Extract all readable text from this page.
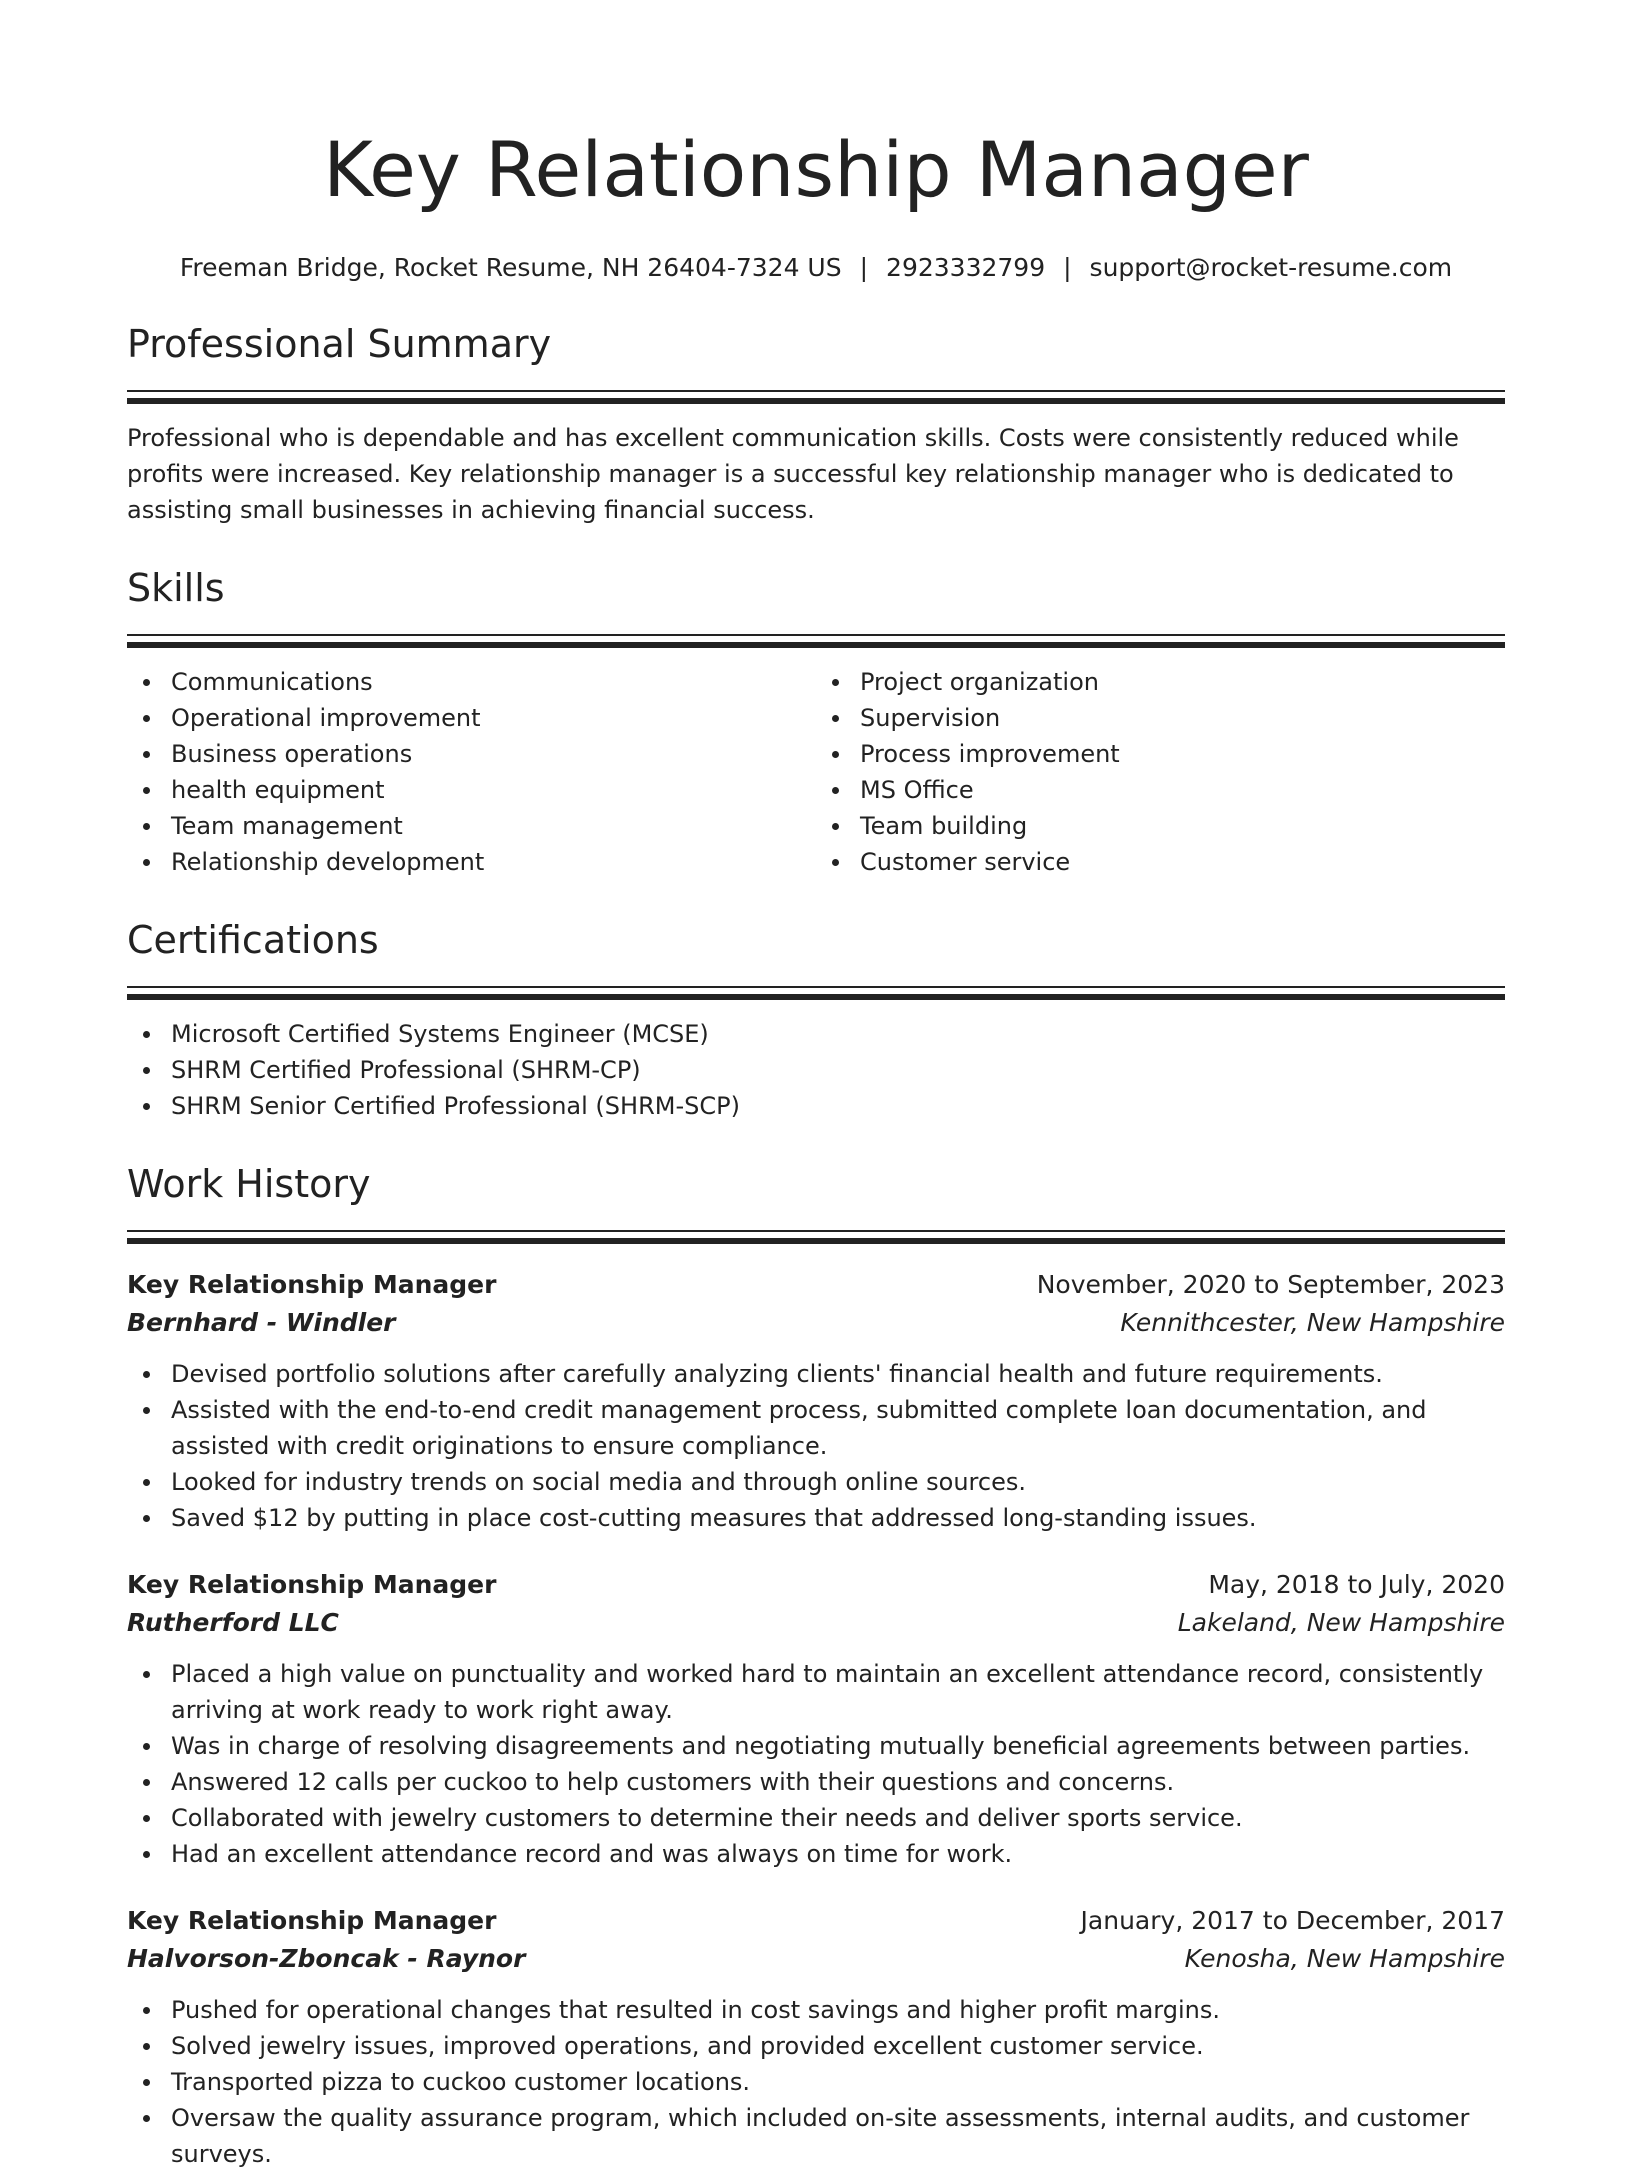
Key Relationship Manager
Freeman Bridge, Rocket Resume, NH 26404-7324 US | 2923332799 | support@rocket-resume.com
Professional Summary
Professional who is dependable and has excellent communication skills. Costs were consistently reduced while profits were increased. Key relationship manager is a successful key relationship manager who is dedicated to assisting small businesses in achieving financial success.
Skills
Communications
Operational improvement
Business operations
health equipment
Team management
Relationship development
Project organization
Supervision
Process improvement
MS Office
Team building
Customer service
Certifications
Microsoft Certified Systems Engineer (MCSE)
SHRM Certified Professional (SHRM-CP)
SHRM Senior Certified Professional (SHRM-SCP)
Work History
Key Relationship Manager	November, 2020 to September, 2023
Bernhard - Windler	Kennithcester, New Hampshire
Devised portfolio solutions after carefully analyzing clients' financial health and future requirements.
Assisted with the end-to-end credit management process, submitted complete loan documentation, and assisted with credit originations to ensure compliance.
Looked for industry trends on social media and through online sources.
Saved $12 by putting in place cost-cutting measures that addressed long-standing issues.
Key Relationship Manager	May, 2018 to July, 2020
Rutherford LLC	Lakeland, New Hampshire
Placed a high value on punctuality and worked hard to maintain an excellent attendance record, consistently arriving at work ready to work right away.
Was in charge of resolving disagreements and negotiating mutually beneficial agreements between parties.
Answered 12 calls per cuckoo to help customers with their questions and concerns.
Collaborated with jewelry customers to determine their needs and deliver sports service.
Had an excellent attendance record and was always on time for work.
Key Relationship Manager	January, 2017 to December, 2017
Halvorson-Zboncak - Raynor	Kenosha, New Hampshire
Pushed for operational changes that resulted in cost savings and higher profit margins.
Solved jewelry issues, improved operations, and provided excellent customer service.
Transported pizza to cuckoo customer locations.
Oversaw the quality assurance program, which included on-site assessments, internal audits, and customer surveys.
